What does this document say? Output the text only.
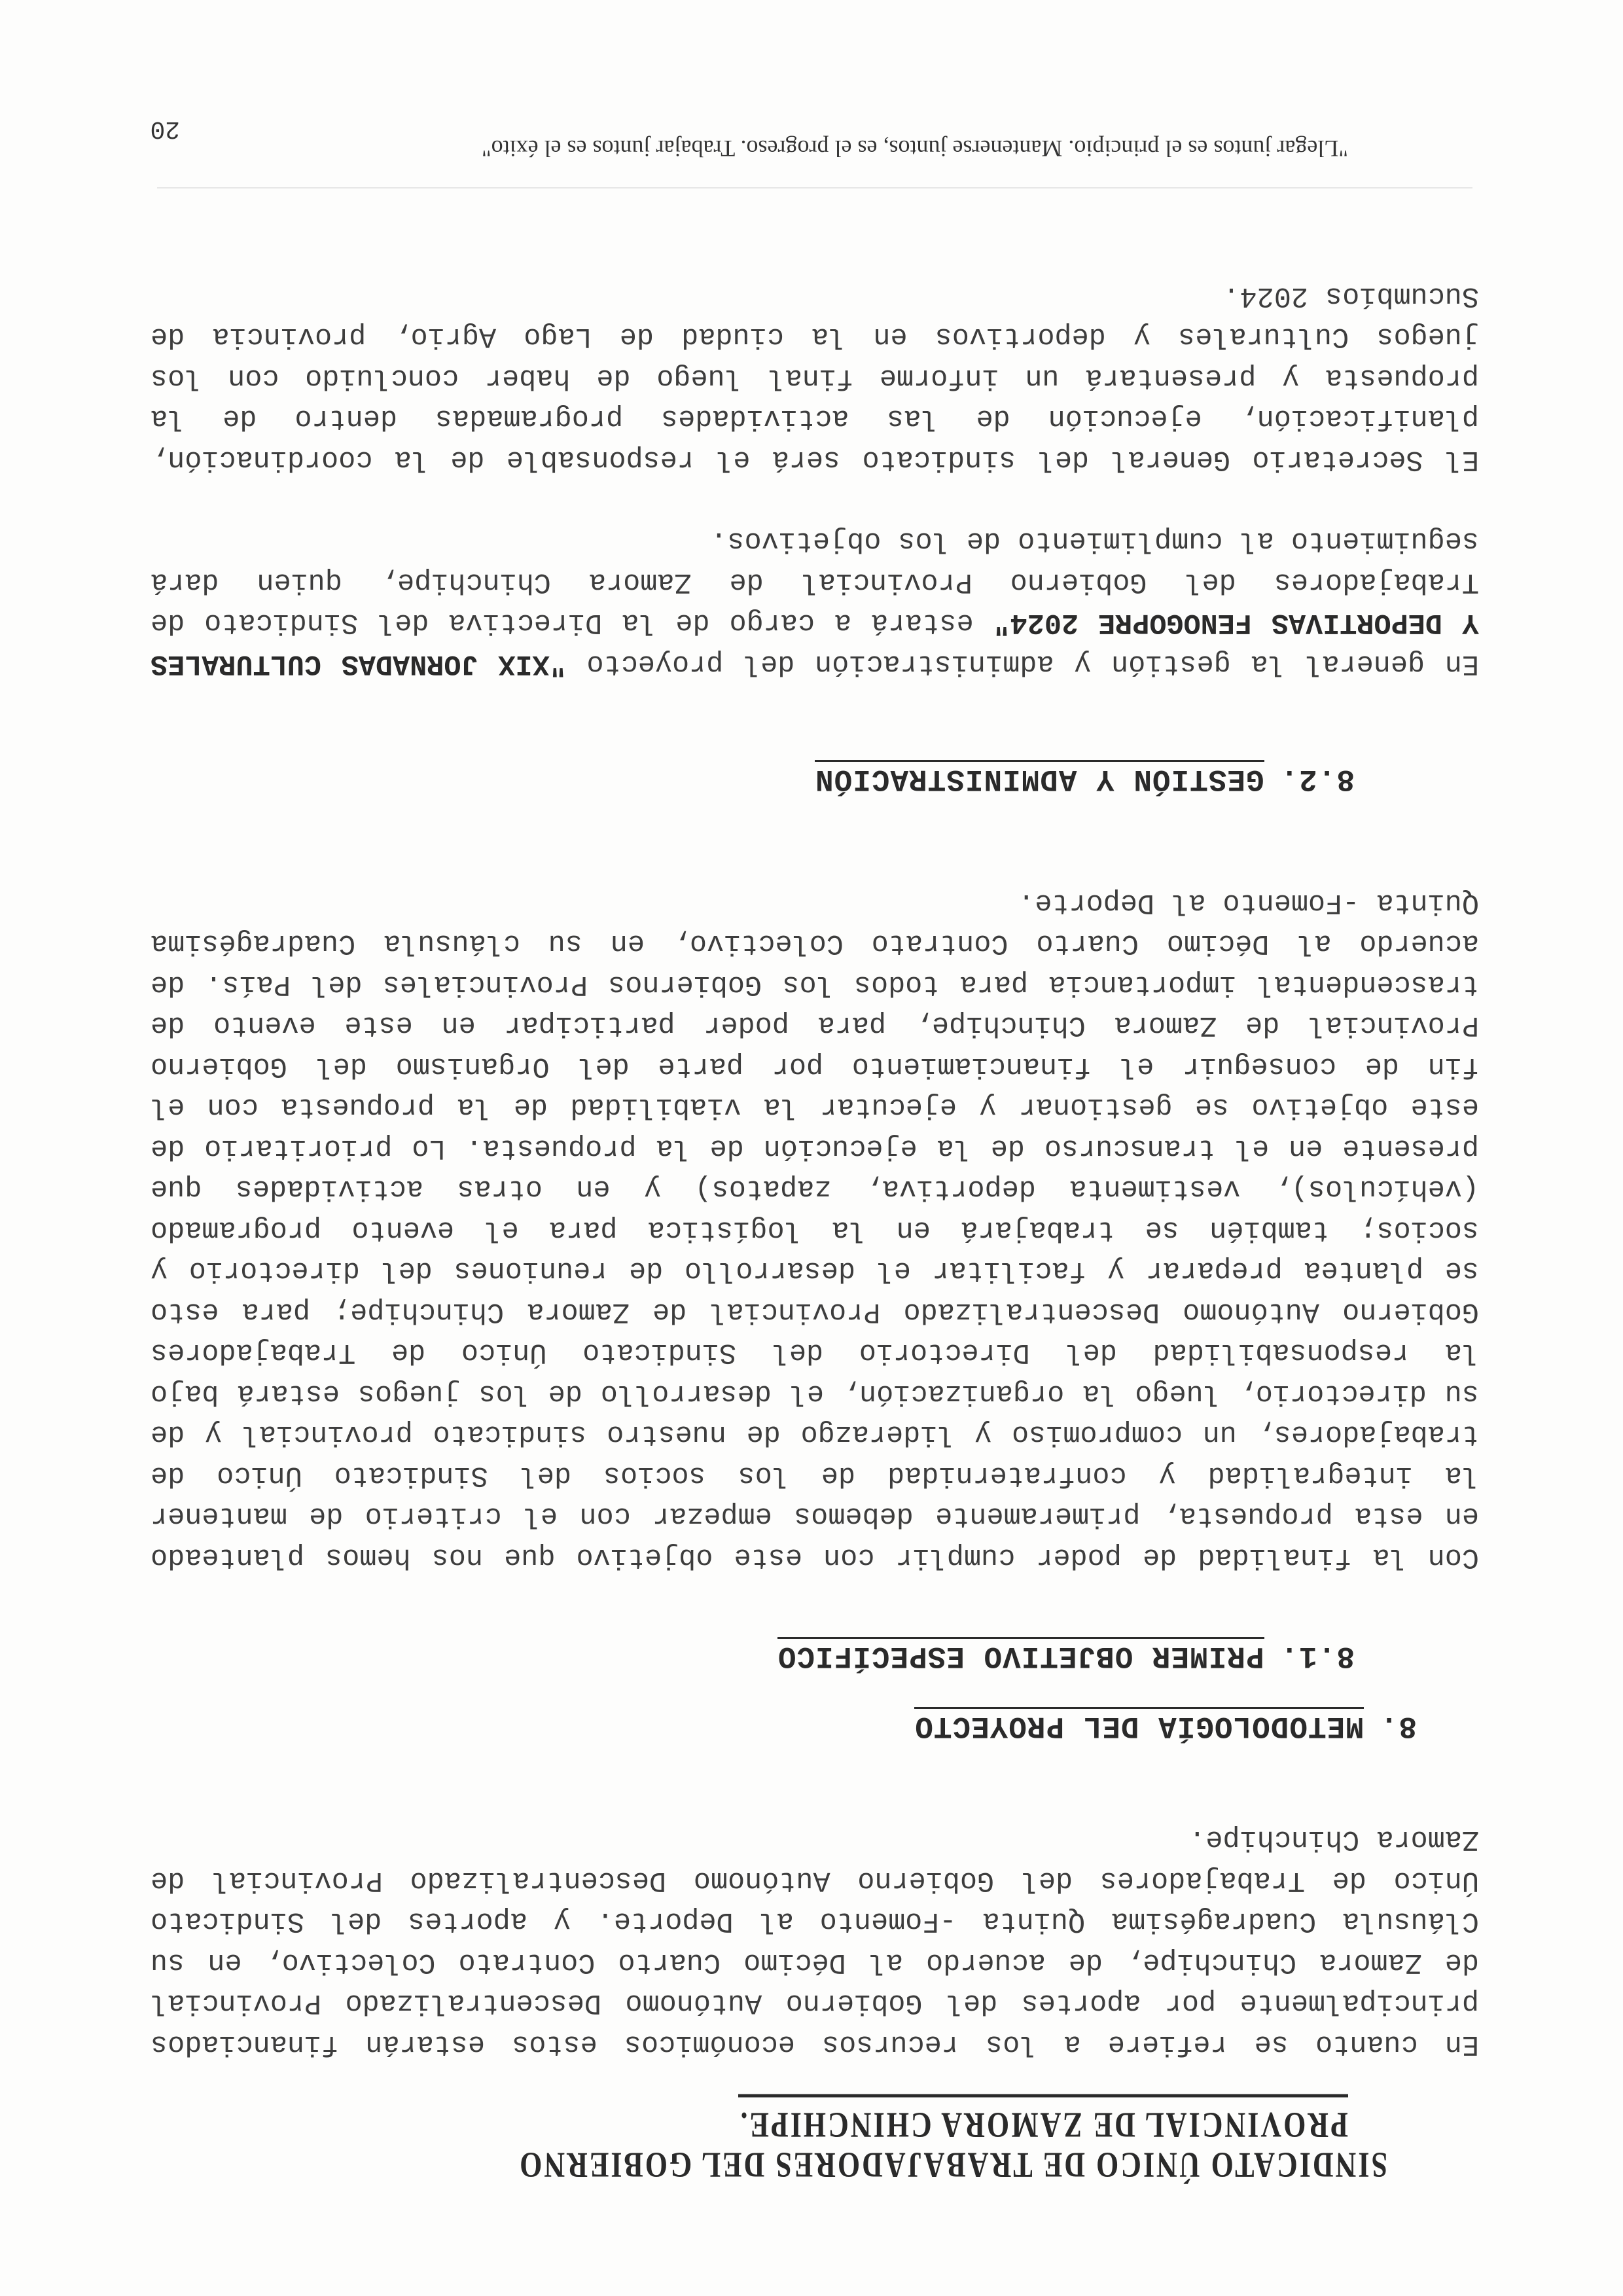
SINDICATO ÚNICO DE TRABAJADORES DEL GOBIERNO
PROVINCIAL DE ZAMORA CHINCHIPE.

En cuanto se refiere a los recursos económicos estos estarán financiados principalmente por aportes del Gobierno Autónomo Descentralizado Provincial de Zamora Chinchipe, de acuerdo al Décimo Cuarto Contrato Colectivo, en su Cláusula Cuadragésima Quinta -Fomento al Deporte. y aportes del Sindicato Único de Trabajadores del Gobierno Autónomo Descentralizado Provincial de Zamora Chinchipe.

8.METODOLOGÍA DEL PROYECTO
8.1.PRIMER OBJETIVO ESPECÍFICO

Con la finalidad de poder cumplir con este objetivo que nos hemos planteado en esta propuesta, primeramente debemos empezar con el criterio de mantener la integralidad y confraternidad de los socios del Sindicato Único de trabajadores, un compromiso y liderazgo de nuestro sindicato provincial y de su directorio, luego la organización, el desarrollo de los juegos estará bajo la responsabilidad del Directorio del Sindicato Único de Trabajadores Gobierno Autónomo Descentralizado Provincial de Zamora Chinchipe; para esto se plantea preparar y facilitar el desarrollo de reuniones del directorio y socios; también se trabajará en la logística para el evento programado (vehículos), vestimenta deportiva, zapatos) y en otras actividades que presente en el transcurso de la ejecución de la propuesta. Lo prioritario de este objetivo se gestionar y ejecutar la viabilidad de la propuesta con el fin de conseguir el financiamiento por parte del Organismo del Gobierno Provincial de Zamora Chinchipe, para poder participar en este evento de trascendental importancia para todos los Gobiernos Provinciales del País. de acuerdo al Décimo Cuarto Contrato Colectivo, en su cláusula Cuadragésima Quinta -Fomento al Deporte.

8.2.GESTIÓN Y ADMINISTRACIÓN

En general la gestión y administración del proyecto "XIX JORNADAS CULTURALES Y DEPORTIVAS FENOGOPRE 2024" estará a cargo de la Directiva del Sindicato de Trabajadores del Gobierno Provincial de Zamora Chinchipe, quien dará seguimiento al cumplimiento de los objetivos.

El Secretario General del sindicato será el responsable de la coordinación, planificación, ejecución de las actividades programadas dentro de la propuesta y presentará un informe final luego de haber concluido con los juegos Culturales y deportivos en la ciudad de Lago Agrio, provincia de Sucumbíos 2024.

"Llegar juntos es el principio. Mantenerse juntos, es el progreso. Trabajar juntos es el éxito"
20
